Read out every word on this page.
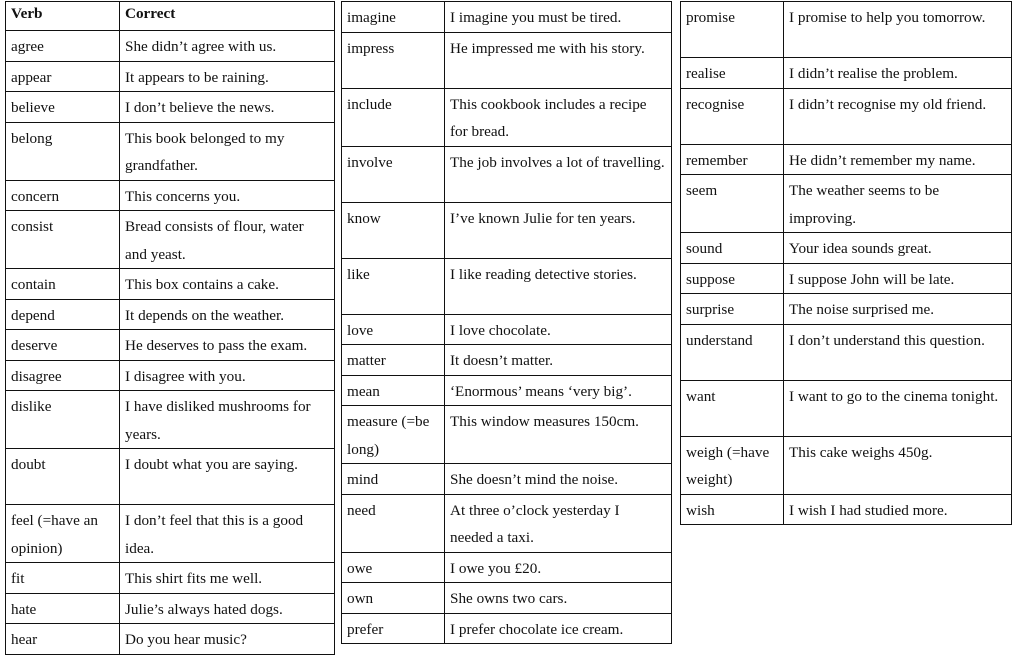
Verb	Correct
agree	She didn’t agree with us.
appear	It appears to be raining.
believe	I don’t believe the news.
belong	This book belonged to my grandfather.
concern	This concerns you.
consist	Bread consists of flour, water and yeast.
contain	This box contains a cake.
depend	It depends on the weather.
deserve	He deserves to pass the exam.
disagree	I disagree with you.
dislike	I have disliked mushrooms for years.
doubt	I doubt what you are saying.
feel (=have an opinion)	I don’t feel that this is a good idea.
fit	This shirt fits me well.
hate	Julie’s always hated dogs.
hear	Do you hear music?
imagine	I imagine you must be tired.
impress	He impressed me with his story.
include	This cookbook includes a recipe for bread.
involve	The job involves a lot of travelling.
know	I’ve known Julie for ten years.
like	I like reading detective stories.
love	I love chocolate.
matter	It doesn’t matter.
mean	‘Enormous’ means ‘very big’.
measure (=be long)	This window measures 150cm.
mind	She doesn’t mind the noise.
need	At three o’clock yesterday I needed a taxi.
owe	I owe you £20.
own	She owns two cars.
prefer	I prefer chocolate ice cream.
promise	I promise to help you tomorrow.
realise	I didn’t realise the problem.
recognise	I didn’t recognise my old friend.
remember	He didn’t remember my name.
seem	The weather seems to be improving.
sound	Your idea sounds great.
suppose	I suppose John will be late.
surprise	The noise surprised me.
understand	I don’t understand this question.
want	I want to go to the cinema tonight.
weigh (=have weight)	This cake weighs 450g.
wish	I wish I had studied more.
